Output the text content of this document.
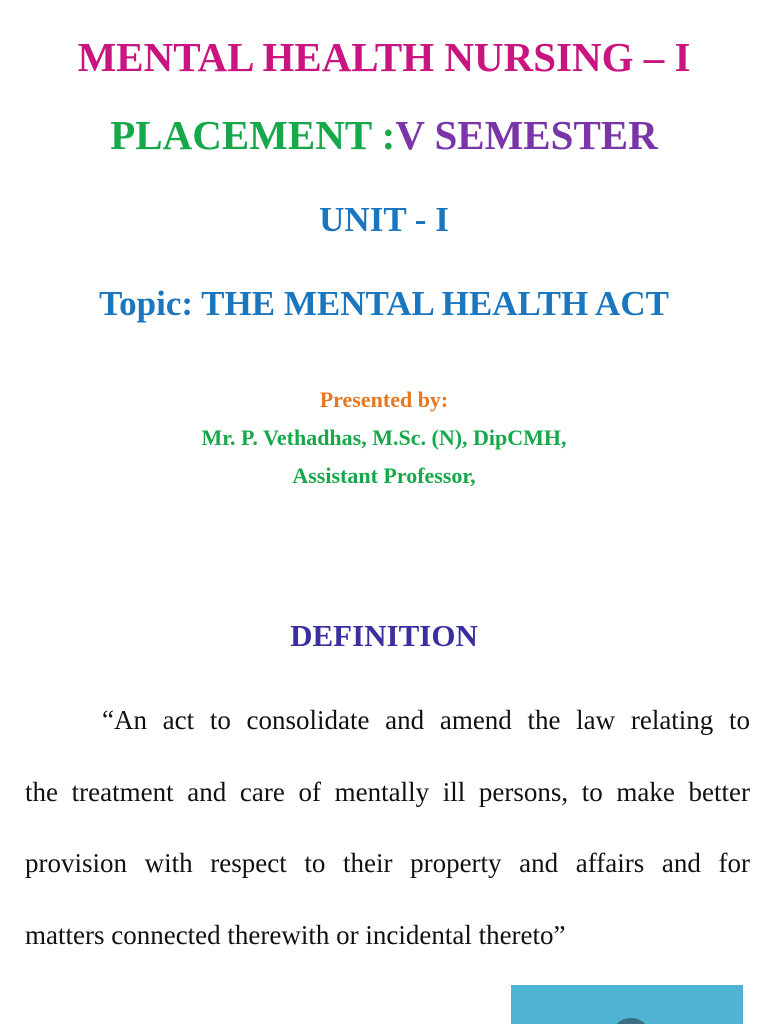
MENTAL HEALTH NURSING – I
PLACEMENT :V SEMESTER
UNIT - I
Topic: THE MENTAL HEALTH ACT
Presented by:
Mr. P. Vethadhas, M.Sc. (N), DipCMH,
Assistant Professor,
DEFINITION
“An act to consolidate and amend the law relating to
the treatment and care of mentally ill persons, to make better
provision with respect to their property and affairs and for
matters connected therewith or incidental thereto”
